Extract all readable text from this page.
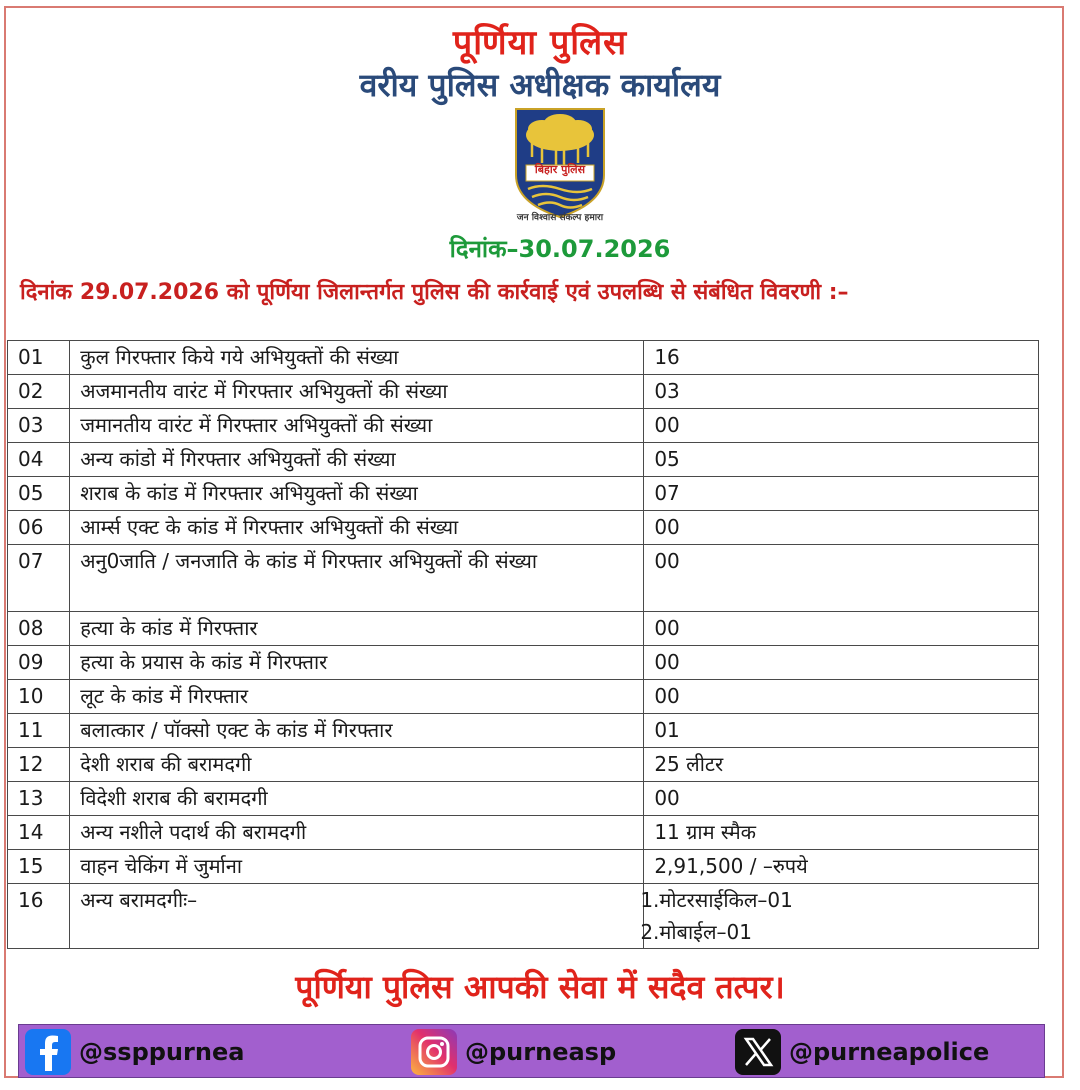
पूर्णिया पुलिस
वरीय पुलिस अधीक्षक कार्यालय
बिहार पुलिस
जन विश्वास संकल्प हमारा
दिनांक–30.07.2026
दिनांक 29.07.2026 को पूर्णिया जिलान्तर्गत पुलिस की कार्रवाई एवं उपलब्धि से संबंधित विवरणी :–
01	कुल गिरफ्तार किये गये अभियुक्तों की संख्या	16
02	अजमानतीय वारंट में गिरफ्तार अभियुक्तों की संख्या	03
03	जमानतीय वारंट में गिरफ्तार अभियुक्तों की संख्या	00
04	अन्य कांडो में गिरफ्तार अभियुक्तों की संख्या	05
05	शराब के कांड में गिरफ्तार अभियुक्तों की संख्या	07
06	आर्म्स एक्ट के कांड में गिरफ्तार अभियुक्तों की संख्या	00
07	अनु0जाति / जनजाति के कांड में गिरफ्तार अभियुक्तों की संख्या	00
08	हत्या के कांड में गिरफ्तार	00
09	हत्या के प्रयास के कांड में गिरफ्तार	00
10	लूट के कांड में गिरफ्तार	00
11	बलात्कार / पॉक्सो एक्ट के कांड में गिरफ्तार	01
12	देशी शराब की बरामदगी	25 लीटर
13	विदेशी शराब की बरामदगी	00
14	अन्य नशीले पदार्थ की बरामदगी	11 ग्राम स्मैक
15	वाहन चेकिंग में जुर्माना	2,91,500 / –रुपये
16	अन्य बरामदगीः–	1.मोटरसाईकिल–01
2.मोबाईल–01
पूर्णिया पुलिस आपकी सेवा में सदैव तत्पर।
@ssppurnea	@purneasp	@purneapolice
